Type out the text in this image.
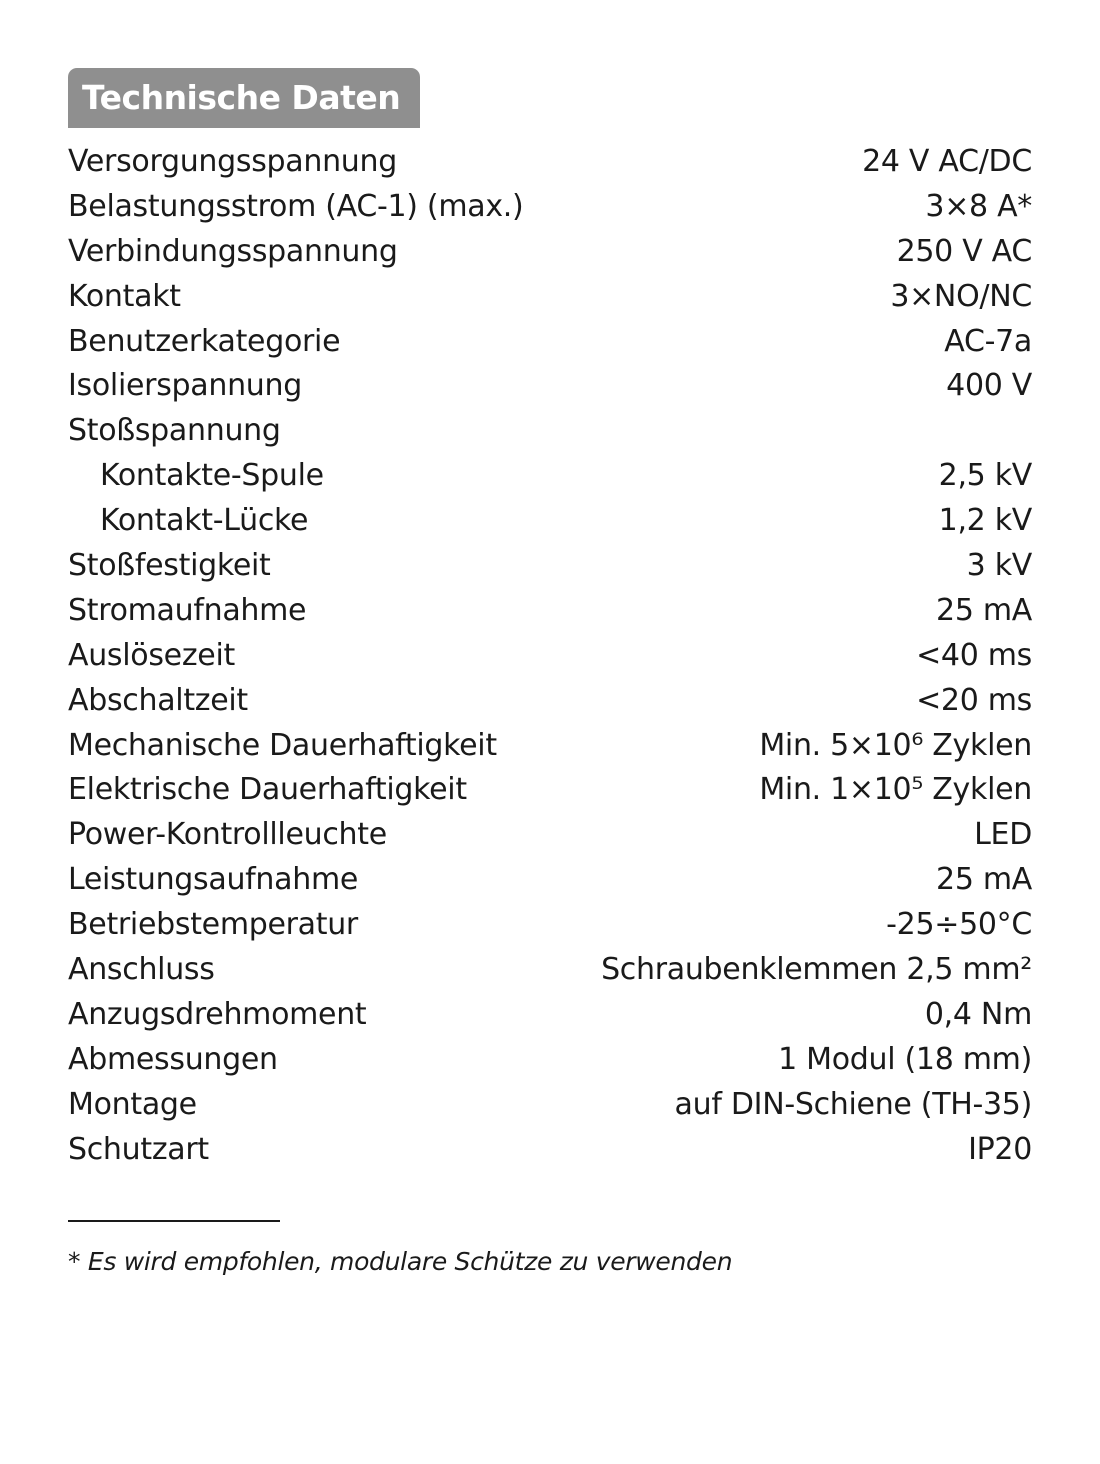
Technische Daten
Versorgungsspannung	24 V AC/DC
Belastungsstrom (AC-1) (max.)	3×8 A*
Verbindungsspannung	250 V AC
Kontakt	3×NO/NC
Benutzerkategorie	AC-7a
Isolierspannung	400 V
Stoßspannung
Kontakte-Spule	2,5 kV
Kontakt-Lücke	1,2 kV
Stoßfestigkeit	3 kV
Stromaufnahme	25 mA
Auslösezeit	<40 ms
Abschaltzeit	<20 ms
Mechanische Dauerhaftigkeit	Min. 5×10⁶ Zyklen
Elektrische Dauerhaftigkeit	Min. 1×10⁵ Zyklen
Power-Kontrollleuchte	LED
Leistungsaufnahme	25 mA
Betriebstemperatur	-25÷50°C
Anschluss	Schraubenklemmen 2,5 mm²
Anzugsdrehmoment	0,4 Nm
Abmessungen	1 Modul (18 mm)
Montage	auf DIN-Schiene (TH-35)
Schutzart	IP20
* Es wird empfohlen, modulare Schütze zu verwenden
